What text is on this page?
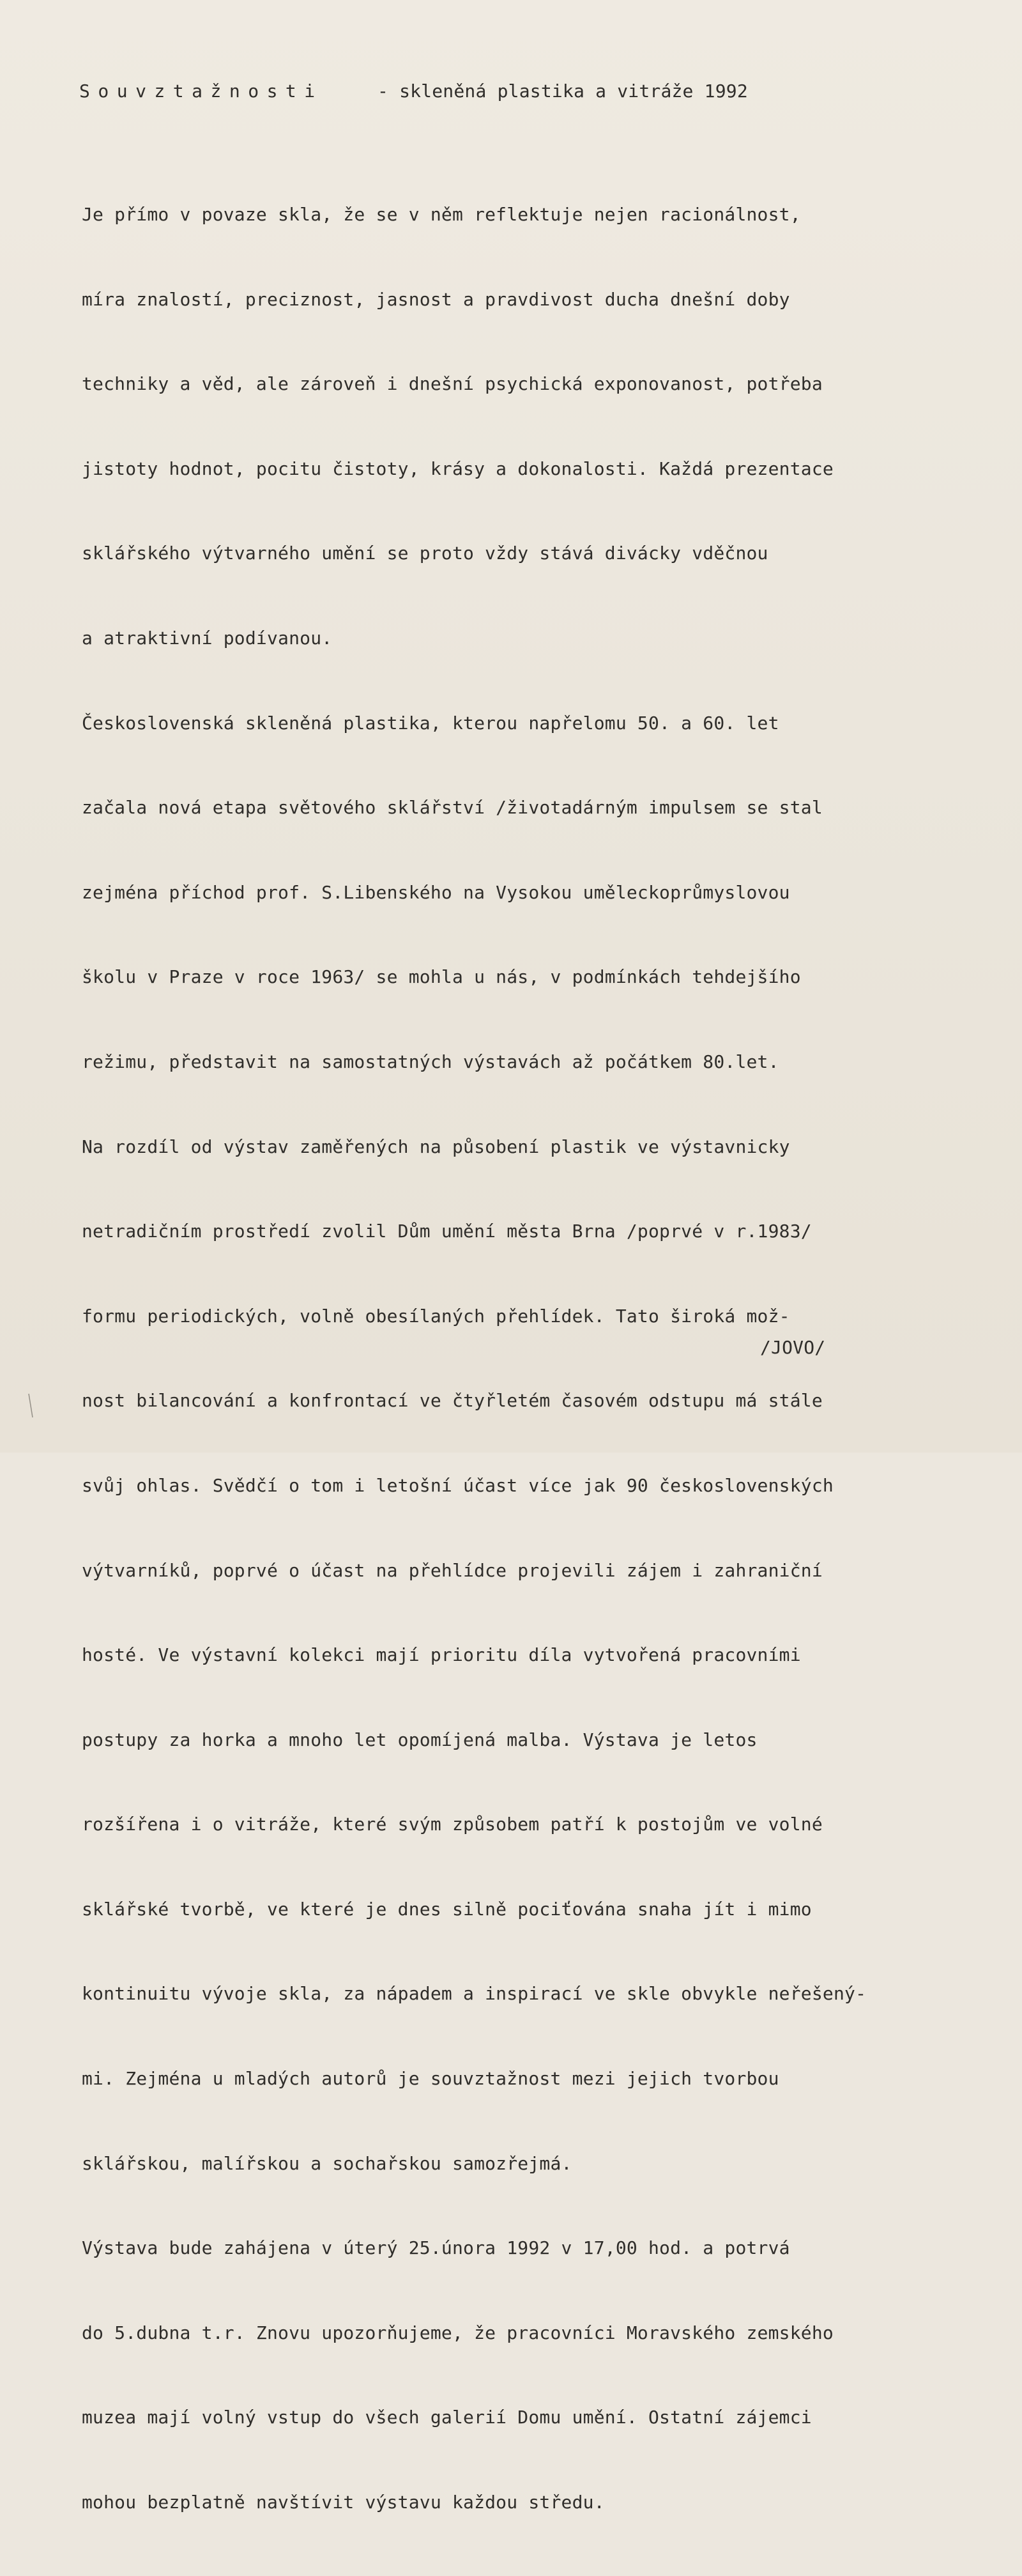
Souvztažnosti	- skleněná plastika a vitráže 1992

Je přímo v povaze skla, že se v něm reflektuje nejen racionálnost,

míra znalostí, preciznost, jasnost a pravdivost ducha dnešní doby

techniky a věd, ale zároveň i dnešní psychická exponovanost, potřeba

jistoty hodnot, pocitu čistoty, krásy a dokonalosti. Každá prezentace

sklářského výtvarného umění se proto vždy stává divácky vděčnou

a atraktivní podívanou.

Československá skleněná plastika, kterou napřelomu 50. a 60. let

začala nová etapa světového sklářství /životadárným impulsem se stal

zejména příchod prof. S.Libenského na Vysokou uměleckoprůmyslovou

školu v Praze v roce 1963/ se mohla u nás, v podmínkách tehdejšího

režimu, představit na samostatných výstavách až počátkem 80.let.

Na rozdíl od výstav zaměřených na působení plastik ve výstavnicky

netradičním prostředí zvolil Dům umění města Brna /poprvé v r.1983/

formu periodických, volně obesílaných přehlídek. Tato široká mož-

nost bilancování a konfrontací ve čtyřletém časovém odstupu má stále

svůj ohlas. Svědčí o tom i letošní účast více jak 90 československých

výtvarníků, poprvé o účast na přehlídce projevili zájem i zahraniční

hosté. Ve výstavní kolekci mají prioritu díla vytvořená pracovními

postupy za horka a mnoho let opomíjená malba. Výstava je letos

rozšířena i o vitráže, které svým způsobem patří k postojům ve volné

sklářské tvorbě, ve které je dnes silně pociťována snaha jít i mimo

kontinuitu vývoje skla, za nápadem a inspirací ve skle obvykle neřešený-

mi. Zejména u mladých autorů je souvztažnost mezi jejich tvorbou

sklářskou, malířskou a sochařskou samozřejmá.

Výstava bude zahájena v úterý 25.února 1992 v 17,00 hod. a potrvá

do 5.dubna t.r. Znovu upozorňujeme, že pracovníci Moravského zemského

muzea mají volný vstup do všech galerií Domu umění. Ostatní zájemci

mohou bezplatně navštívit výstavu každou středu.

/JOVO/
